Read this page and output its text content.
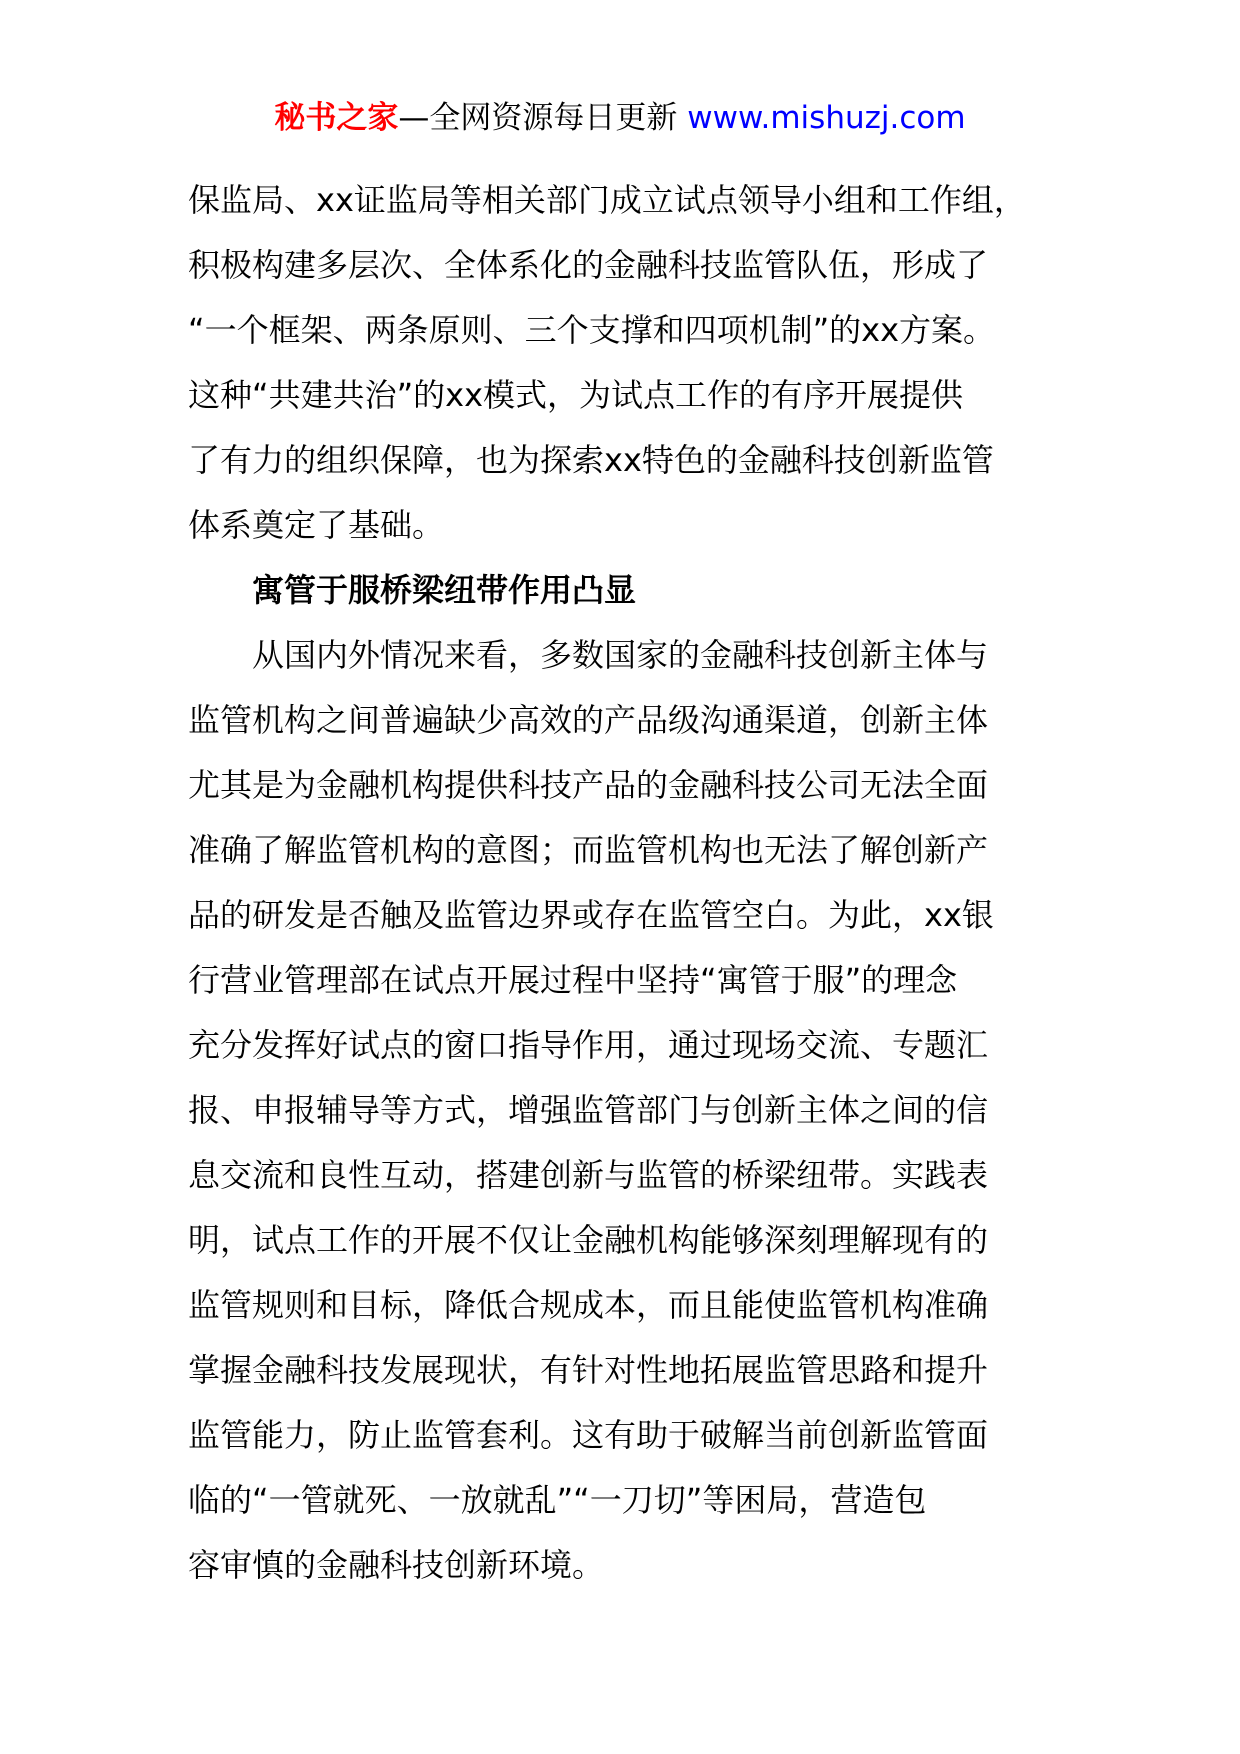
秘书之家—全网资源每日更新 www.mishuzj.com
保监局、xx证监局等相关部门成立试点领导小组和工作组，
积极构建多层次、全体系化的金融科技监管队伍，形成了
“一个框架、两条原则、三个支撑和四项机制”的xx方案。
这种“共建共治”的xx模式，为试点工作的有序开展提供
了有力的组织保障，也为探索xx特色的金融科技创新监管
体系奠定了基础。
寓管于服桥梁纽带作用凸显
从国内外情况来看，多数国家的金融科技创新主体与
监管机构之间普遍缺少高效的产品级沟通渠道，创新主体
尤其是为金融机构提供科技产品的金融科技公司无法全面
准确了解监管机构的意图；而监管机构也无法了解创新产
品的研发是否触及监管边界或存在监管空白。为此，xx银
行营业管理部在试点开展过程中坚持“寓管于服”的理念
充分发挥好试点的窗口指导作用，通过现场交流、专题汇
报、申报辅导等方式，增强监管部门与创新主体之间的信
息交流和良性互动，搭建创新与监管的桥梁纽带。实践表
明，试点工作的开展不仅让金融机构能够深刻理解现有的
监管规则和目标，降低合规成本，而且能使监管机构准确
掌握金融科技发展现状，有针对性地拓展监管思路和提升
监管能力，防止监管套利。这有助于破解当前创新监管面
临的“一管就死、一放就乱”“一刀切”等困局，营造包
容审慎的金融科技创新环境。
